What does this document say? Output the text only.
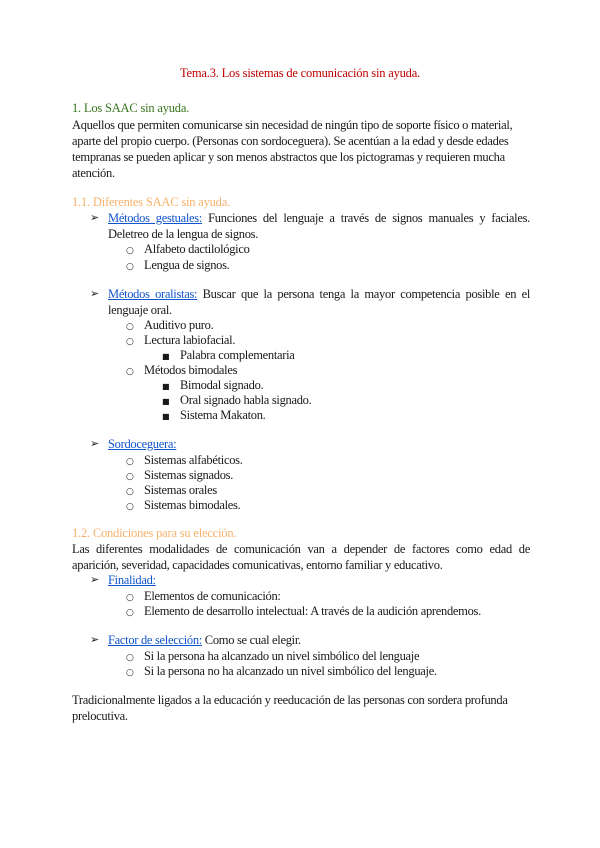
Tema.3. Los sistemas de comunicación sin ayuda.
1. Los SAAC sin ayuda.
Aquellos que permiten comunicarse sin necesidad de ningún tipo de soporte físico o material, aparte del propio cuerpo. (Personas con sordoceguera). Se acentúan a la edad y desde edades tempranas se pueden aplicar y son menos abstractos que los pictogramas y requieren mucha atención.
1.1. Diferentes SAAC sin ayuda.
➢ Métodos gestuales: Funciones del lenguaje a través de signos manuales y faciales. Deletreo de la lengua de signos.
○ Alfabeto dactilológico
○ Lengua de signos.
➢ Métodos oralistas: Buscar que la persona tenga la mayor competencia posible en el lenguaje oral.
○ Auditivo puro.
○ Lectura labiofacial.
■ Palabra complementaria
○ Métodos bimodales
■ Bimodal signado.
■ Oral signado habla signado.
■ Sistema Makaton.
➢ Sordoceguera:
○ Sistemas alfabéticos.
○ Sistemas signados.
○ Sistemas orales
○ Sistemas bimodales.
1.2. Condiciones para su elección.
Las diferentes modalidades de comunicación van a depender de factores como edad de aparición, severidad, capacidades comunicativas, entorno familiar y educativo.
➢ Finalidad:
○ Elementos de comunicación:
○ Elemento de desarrollo intelectual: A través de la audición aprendemos.
➢ Factor de selección: Como se cual elegir.
○ Si la persona ha alcanzado un nivel simbólico del lenguaje
○ Si la persona no ha alcanzado un nivel simbólico del lenguaje.
Tradicionalmente ligados a la educación y reeducación de las personas con sordera profunda prelocutiva.
